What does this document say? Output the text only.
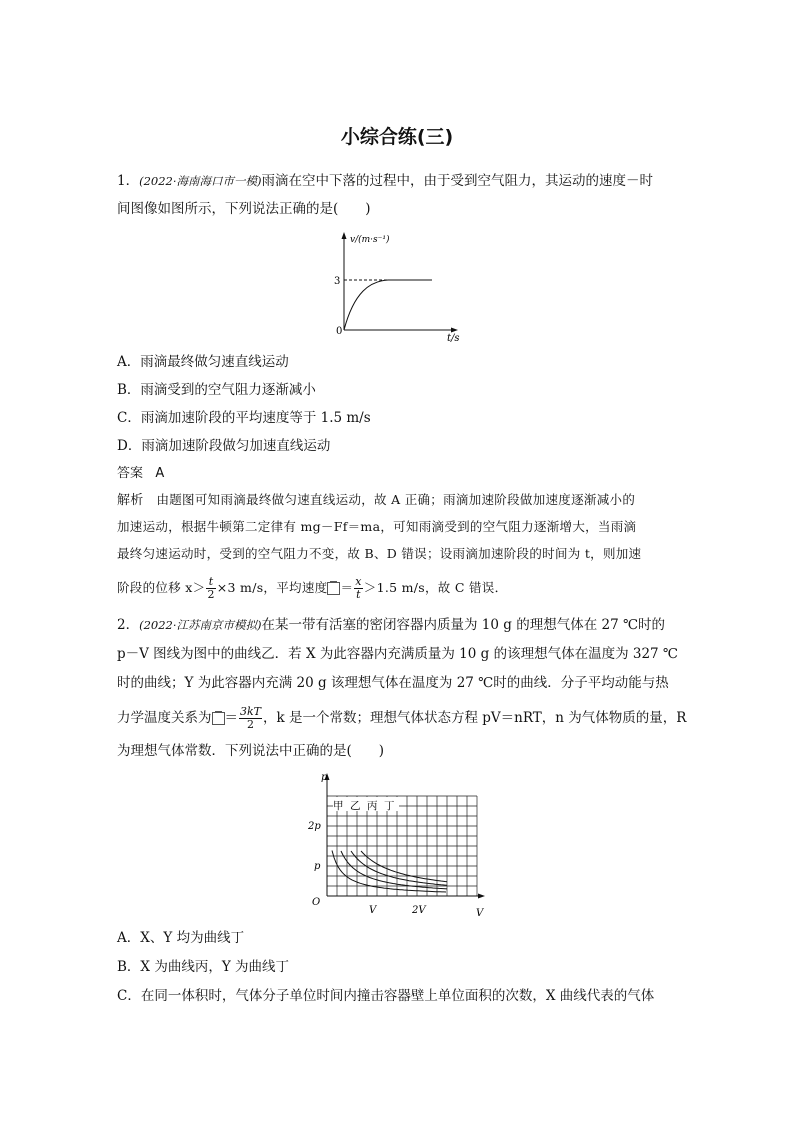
小综合练(三)
1．(2022·海南海口市一模)雨滴在空中下落的过程中，由于受到空气阻力，其运动的速度－时
间图像如图所示，下列说法正确的是(　　)
v/(m·s⁻¹)
3
0
t/s
A．雨滴最终做匀速直线运动
B．雨滴受到的空气阻力逐渐减小
C．雨滴加速阶段的平均速度等于 1.5 m/s
D．雨滴加速阶段做匀加速直线运动
答案 A
解析 由题图可知雨滴最终做匀速直线运动，故 A 正确；雨滴加速阶段做加速度逐渐减小的
加速运动，根据牛顿第二定律有 mg－Ff＝ma，可知雨滴受到的空气阻力逐渐增大，当雨滴
最终匀速运动时，受到的空气阻力不变，故 B、D 错误；设雨滴加速阶段的时间为 t，则加速
阶段的位移 $x> \frac{t}{2} \times 3$ m/s，平均速度 ＝ $\frac{x}{t} >1.5$ m/s，故 C 错误．
2．(2022·江苏南京市模拟)在某一带有活塞的密闭容器内质量为 10 g 的理想气体在 27 ℃时的
p－V 图线为图中的曲线乙．若 X 为此容器内充满质量为 10 g 的该理想气体在温度为 327 ℃
时的曲线；Y 为此容器内充满 20 g 该理想气体在温度为 27 ℃时的曲线．分子平均动能与热
力学温度关系为 ＝ $\frac{3kT}{2}$ ，k 是一个常数；理想气体状态方程 pV＝nRT，n 为气体物质的量，R
为理想气体常数．下列说法中正确的是(　　)
p
2p
p
O
V	2V	V
甲 乙 丙 丁
A．X、Y 均为曲线丁
B．X 为曲线丙，Y 为曲线丁
C．在同一体积时，气体分子单位时间内撞击容器壁上单位面积的次数，X 曲线代表的气体
